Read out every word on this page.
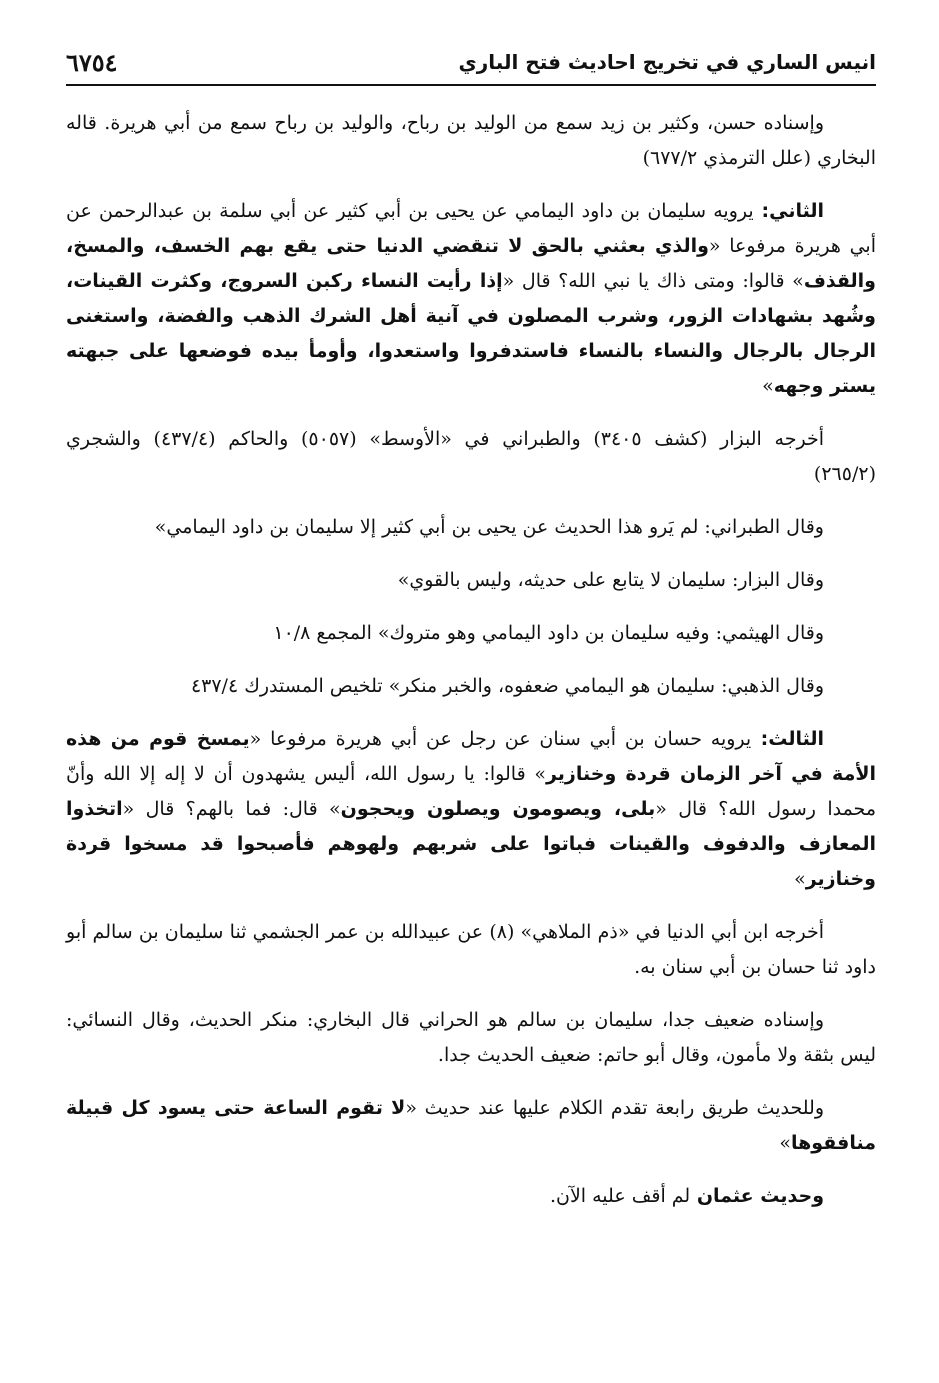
انيس الساري في تخريج احاديث فتح الباري
٦٧٥٤

وإسناده حسن، وكثير بن زيد سمع من الوليد بن رباح، والوليد بن رباح سمع من أبي هريرة. قاله البخاري (علل الترمذي ٦٧٧/٢)

الثاني: يرويه سليمان بن داود اليمامي عن يحيى بن أبي كثير عن أبي سلمة بن عبدالرحمن عن أبي هريرة مرفوعا «والذي بعثني بالحق لا تنقضي الدنيا حتى يقع بهم الخسف، والمسخ، والقذف» قالوا: ومتى ذاك يا نبي الله؟ قال «إذا رأيت النساء ركبن السروج، وكثرت القينات، وشُهد بشهادات الزور، وشرب المصلون في آنية أهل الشرك الذهب والفضة، واستغنى الرجال بالرجال والنساء بالنساء فاستدفروا واستعدوا، وأومأ بيده فوضعها على جبهته يستر وجهه»

أخرجه البزار (كشف ٣٤٠٥) والطبراني في «الأوسط» (٥٠٥٧) والحاكم (٤٣٧/٤) والشجري (٢٦٥/٢)

وقال الطبراني: لم يَرو هذا الحديث عن يحيى بن أبي كثير إلا سليمان بن داود اليمامي»

وقال البزار: سليمان لا يتابع على حديثه، وليس بالقوي»

وقال الهيثمي: وفيه سليمان بن داود اليمامي وهو متروك» المجمع ١٠/٨

وقال الذهبي: سليمان هو اليمامي ضعفوه، والخبر منكر» تلخيص المستدرك ٤٣٧/٤

الثالث: يرويه حسان بن أبي سنان عن رجل عن أبي هريرة مرفوعا «يمسخ قوم من هذه الأمة في آخر الزمان قردة وخنازير» قالوا: يا رسول الله، أليس يشهدون أن لا إله إلا الله وأنّ محمدا رسول الله؟ قال «بلى، ويصومون ويصلون ويحجون» قال: فما بالهم؟ قال «اتخذوا المعازف والدفوف والقينات فباتوا على شربهم ولهوهم فأصبحوا قد مسخوا قردة وخنازير»

أخرجه ابن أبي الدنيا في «ذم الملاهي» (٨) عن عبيدالله بن عمر الجشمي ثنا سليمان بن سالم أبو داود ثنا حسان بن أبي سنان به.

وإسناده ضعيف جدا، سليمان بن سالم هو الحراني قال البخاري: منكر الحديث، وقال النسائي: ليس بثقة ولا مأمون، وقال أبو حاتم: ضعيف الحديث جدا.

وللحديث طريق رابعة تقدم الكلام عليها عند حديث «لا تقوم الساعة حتى يسود كل قبيلة منافقوها»

وحديث عثمان لم أقف عليه الآن.
